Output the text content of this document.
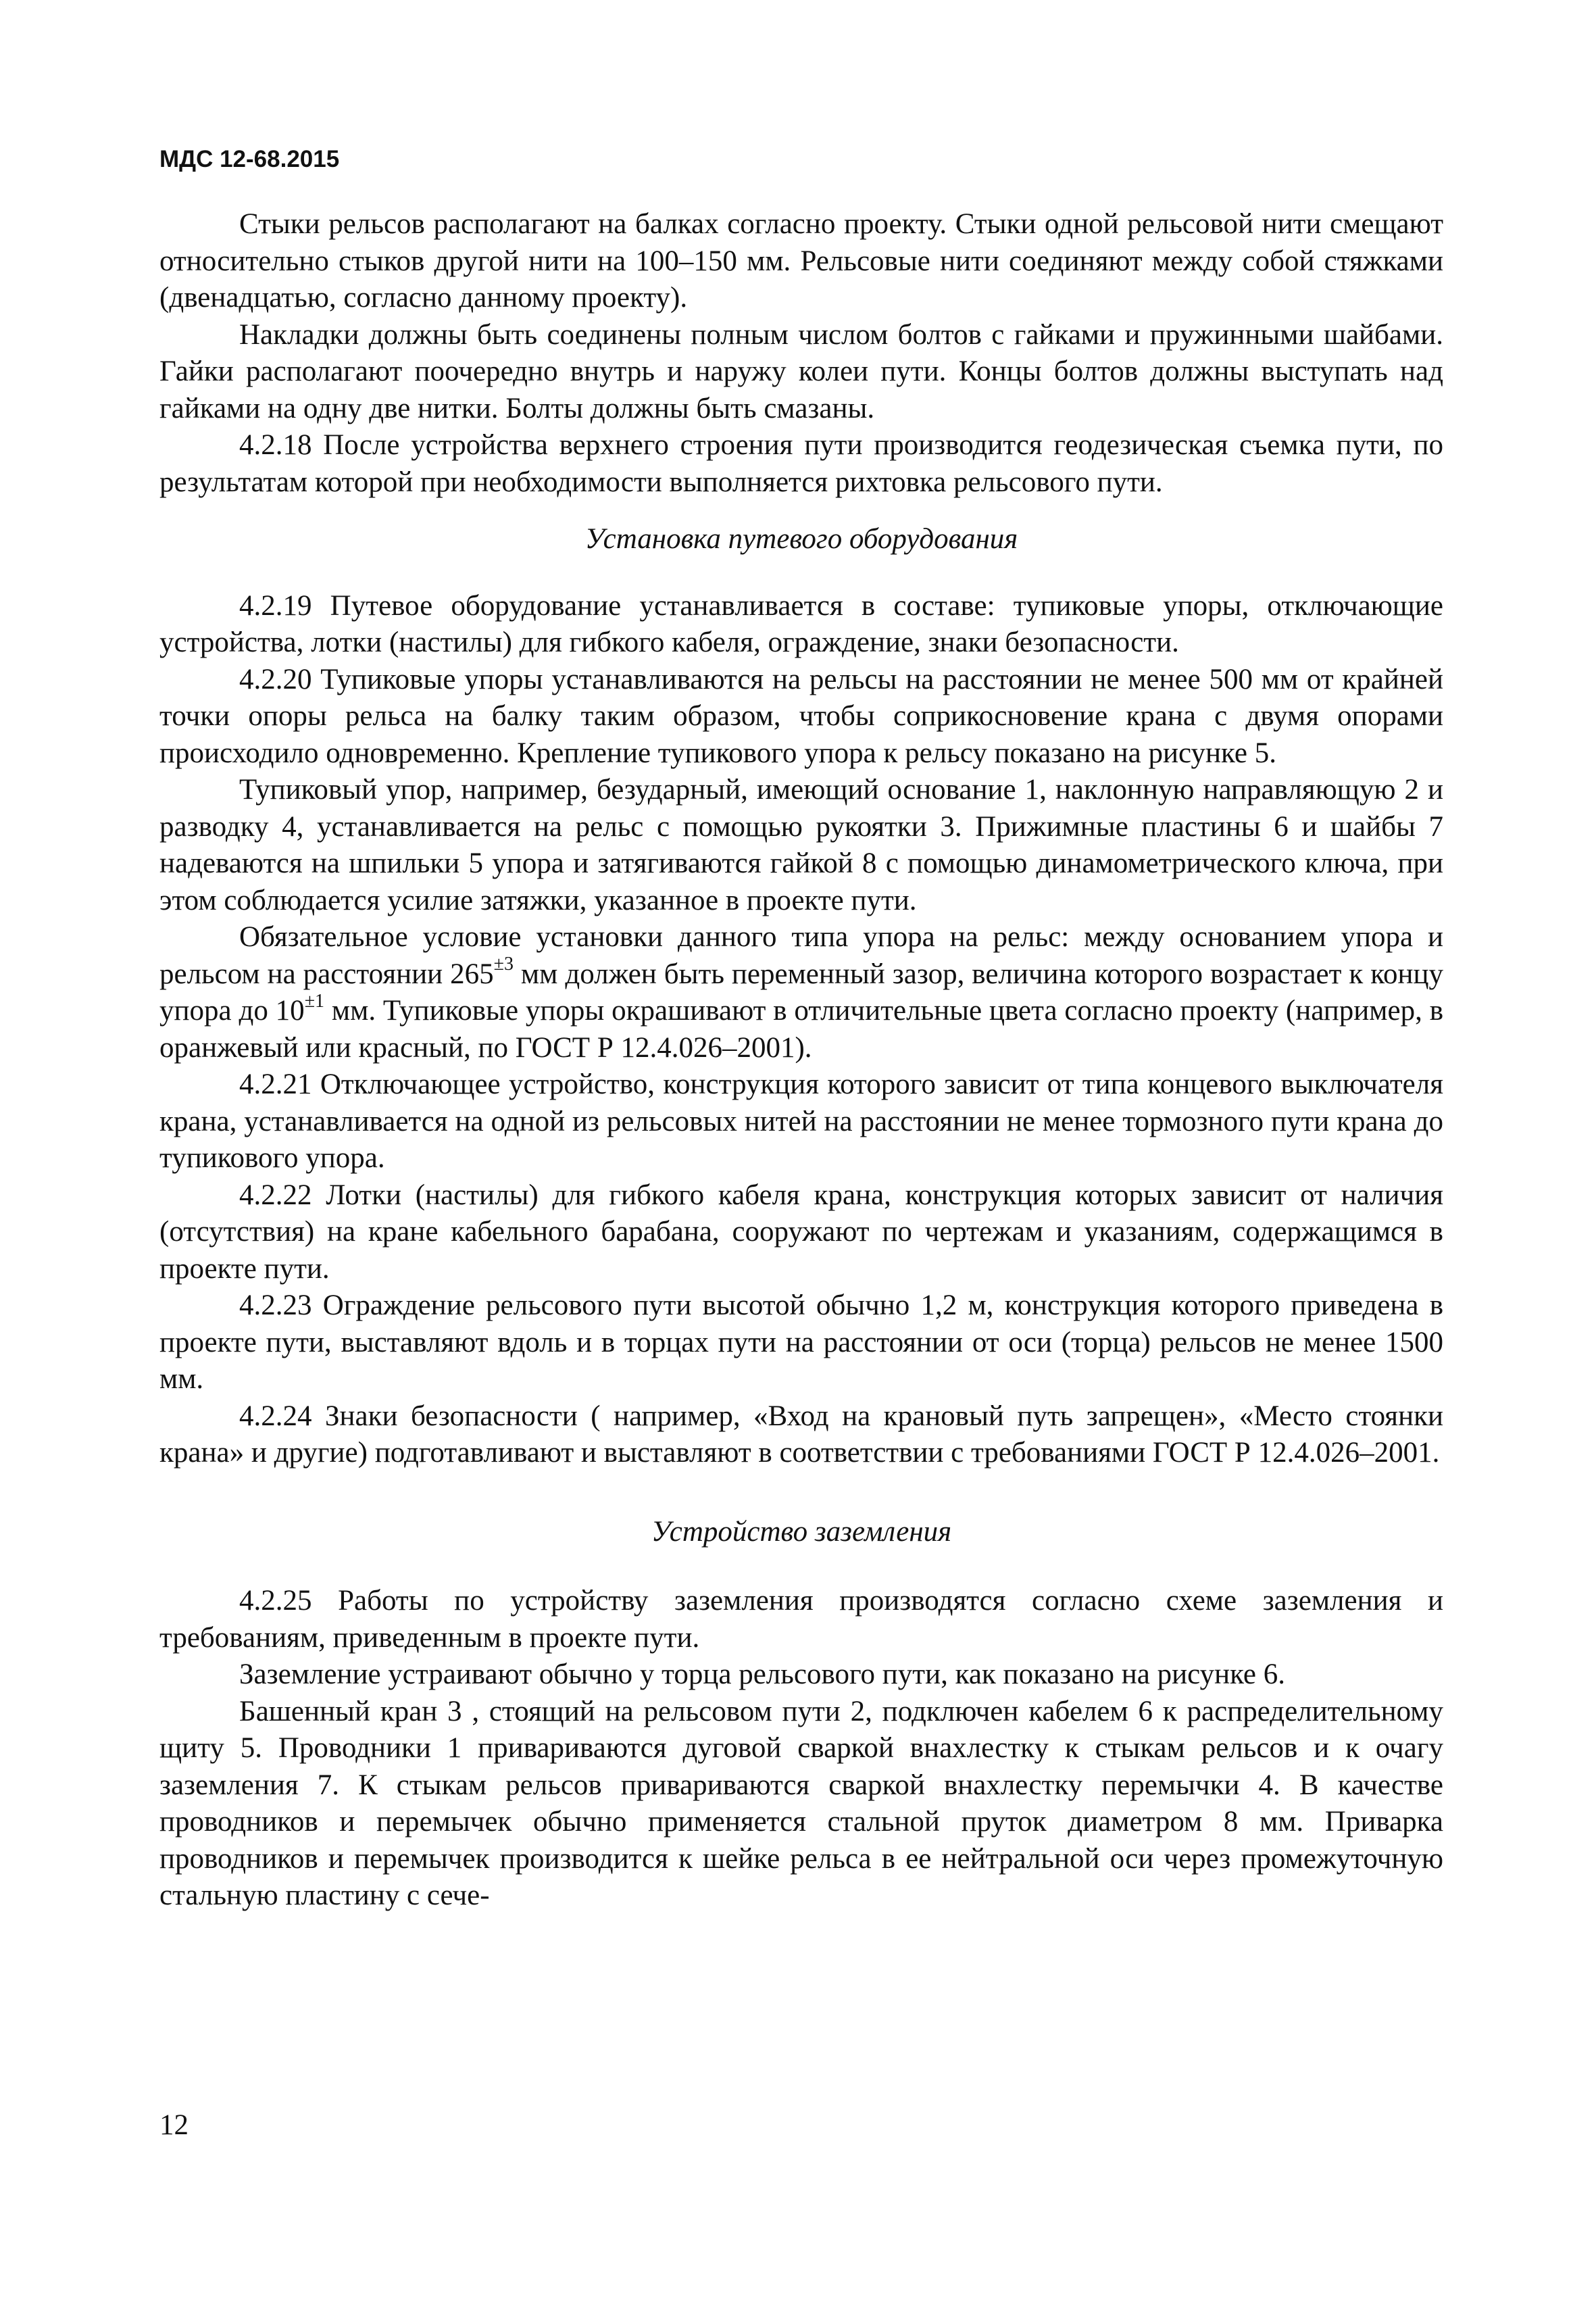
МДС 12-68.2015

Стыки рельсов располагают на балках согласно проекту. Стыки одной рельсовой нити смещают относительно стыков другой нити на 100–150 мм. Рельсовые нити соединяют между собой стяжками (двенадцатью, согласно данному проекту).

Накладки должны быть соединены полным числом болтов с гайками и пружинными шайбами. Гайки располагают поочередно внутрь и наружу колеи пути. Концы болтов должны выступать над гайками на одну две нитки. Болты должны быть смазаны.

4.2.18 После устройства верхнего строения пути производится геодезическая съемка пути, по результатам которой при необходимости выполняется рихтовка рельсового пути.

Установка путевого оборудования

4.2.19 Путевое оборудование устанавливается в составе: тупиковые упоры, отключающие устройства, лотки (настилы) для гибкого кабеля, ограждение, знаки безопасности.

4.2.20 Тупиковые упоры устанавливаются на рельсы на расстоянии не менее 500 мм от крайней точки опоры рельса на балку таким образом, чтобы соприкосновение крана с двумя опорами происходило одновременно. Крепление тупикового упора к рельсу показано на рисунке 5.

Тупиковый упор, например, безударный, имеющий основание 1, наклонную направляющую 2 и разводку 4, устанавливается на рельс с помощью рукоятки 3. Прижимные пластины 6 и шайбы 7 надеваются на шпильки 5 упора и затягиваются гайкой 8 с помощью динамометрического ключа, при этом соблюдается усилие затяжки, указанное в проекте пути.

Обязательное условие установки данного типа упора на рельс: между основанием упора и рельсом на расстоянии $265^{\pm 3}$ мм должен быть переменный зазор, величина которого возрастает к концу упора до $10^{\pm 1}$ мм. Тупиковые упоры окрашивают в отличительные цвета согласно проекту (например, в оранжевый или красный, по ГОСТ Р 12.4.026–2001).

4.2.21 Отключающее устройство, конструкция которого зависит от типа концевого выключателя крана, устанавливается на одной из рельсовых нитей на расстоянии не менее тормозного пути крана до тупикового упора.

4.2.22 Лотки (настилы) для гибкого кабеля крана, конструкция которых зависит от наличия (отсутствия) на кране кабельного барабана, сооружают по чертежам и указаниям, содержащимся в проекте пути.

4.2.23 Ограждение рельсового пути высотой обычно 1,2 м, конструкция которого приведена в проекте пути, выставляют вдоль и в торцах пути на расстоянии от оси (торца) рельсов не менее 1500 мм.

4.2.24 Знаки безопасности ( например, «Вход на крановый путь запрещен», «Место стоянки крана» и другие) подготавливают и выставляют в соответствии с требованиями ГОСТ Р 12.4.026–2001.

Устройство заземления

4.2.25 Работы по устройству заземления производятся согласно схеме заземления и требованиям, приведенным в проекте пути.

Заземление устраивают обычно у торца рельсового пути, как показано на рисунке 6.

Башенный кран 3 , стоящий на рельсовом пути 2, подключен кабелем 6 к распределительному щиту 5. Проводники 1 привариваются дуговой сваркой внахлестку к стыкам рельсов и к очагу заземления 7. К стыкам рельсов привариваются сваркой внахлестку перемычки 4. В качестве проводников и перемычек обычно применяется стальной пруток диаметром 8 мм. Приварка проводников и перемычек производится к шейке рельса в ее нейтральной оси через промежуточную стальную пластину с сече-

12
